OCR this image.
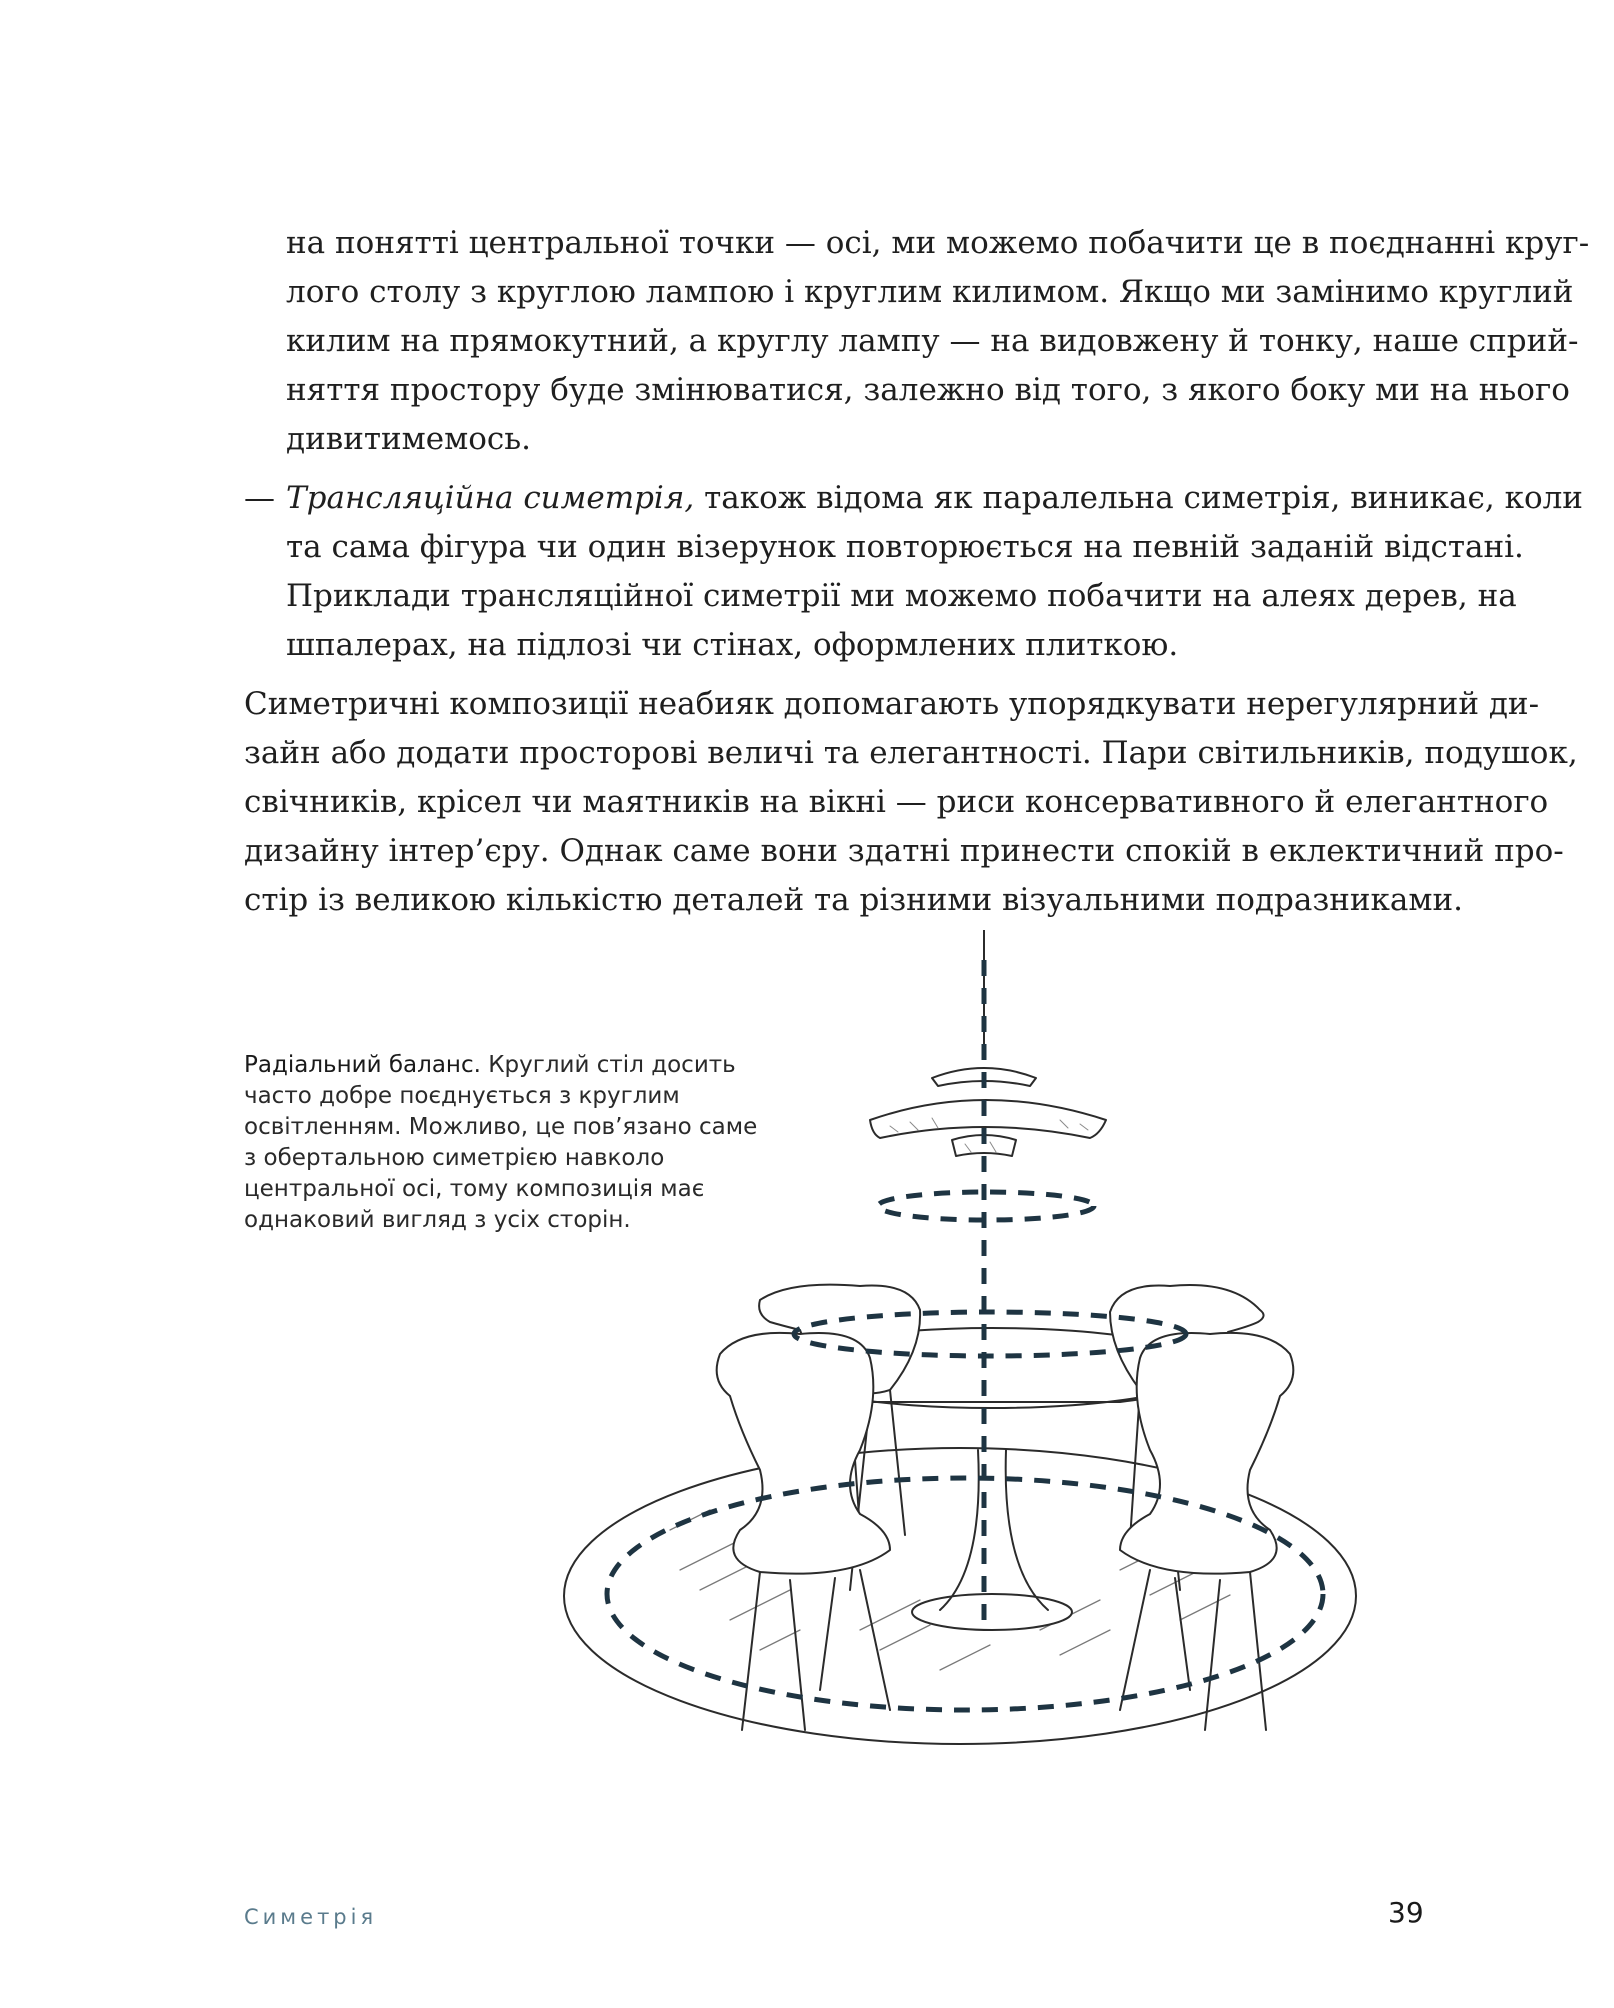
на понятті центральної точки — осі, ми можемо побачити це в поєднанні круг-
лого столу з круглою лампою і круглим килимом. Якщо ми замінимо круглий
килим на прямокутний, а круглу лампу — на видовжену й тонку, наше сприй-
няття простору буде змінюватися, залежно від того, з якого боку ми на нього
дивитимемось.
— Трансляційна симетрія, також відома як паралельна симетрія, виникає, коли
та сама фігура чи один візерунок повторюється на певній заданій відстані.
Приклади трансляційної симетрії ми можемо побачити на алеях дерев, на
шпалерах, на підлозі чи стінах, оформлених плиткою.
Симетричні композиції неабияк допомагають упорядкувати нерегулярний ди-
зайн або додати просторові величі та елегантності. Пари світильників, подушок,
свічників, крісел чи маятників на вікні — риси консервативного й елегантного
дизайну інтер’єру. Однак саме вони здатні принести спокій в еклектичний про-
стір із великою кількістю деталей та різними візуальними подразниками.
Радіальний баланс. Круглий стіл досить часто добре поєднується з круглим освітленням. Можливо, це пов’язано саме з обертальною симетрією навколо центральної осі, тому композиція має однаковий вигляд з усіх сторін.
Симетрія	39
